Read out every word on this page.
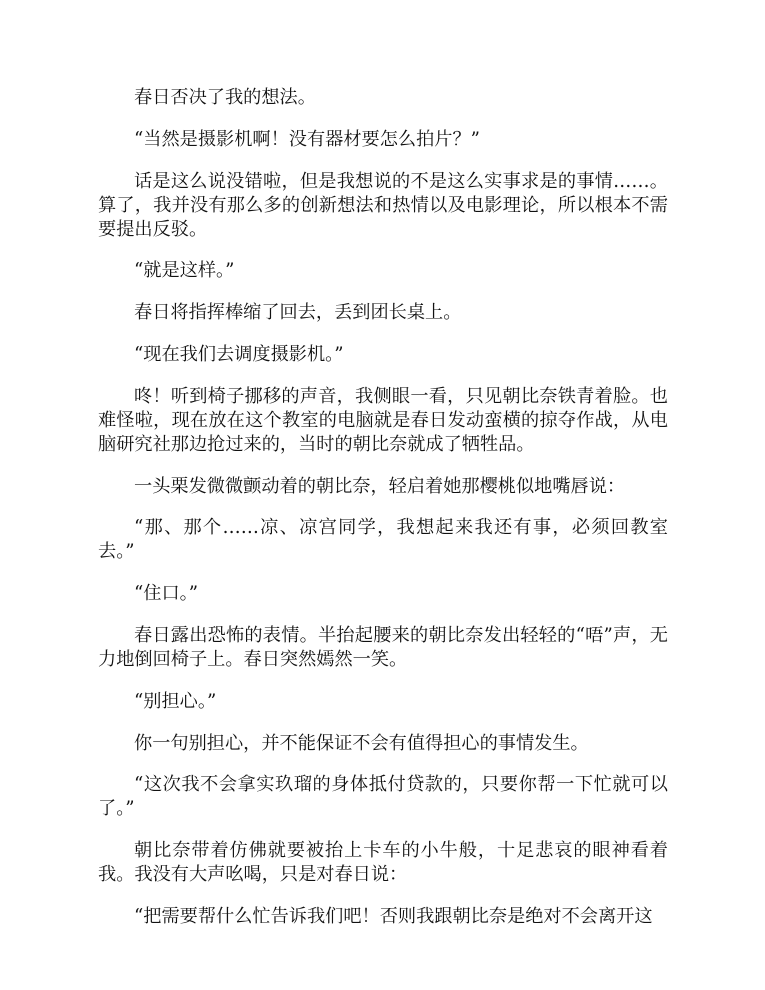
春日否决了我的想法。

“当然是摄影机啊！没有器材要怎么拍片？”

话是这么说没错啦，但是我想说的不是这么实事求是的事情……。算了，我并没有那么多的创新想法和热情以及电影理论，所以根本不需要提出反驳。

“就是这样。”

春日将指挥棒缩了回去，丢到团长桌上。

“现在我们去调度摄影机。”

咚！听到椅子挪移的声音，我侧眼一看，只见朝比奈铁青着脸。也难怪啦，现在放在这个教室的电脑就是春日发动蛮横的掠夺作战，从电脑研究社那边抢过来的，当时的朝比奈就成了牺牲品。

一头栗发微微颤动着的朝比奈，轻启着她那樱桃似地嘴唇说：

“那、那个……凉、凉宫同学，我想起来我还有事，必须回教室去。”

“住口。”

春日露出恐怖的表情。半抬起腰来的朝比奈发出轻轻的“唔”声，无力地倒回椅子上。春日突然嫣然一笑。

“别担心。”

你一句别担心，并不能保证不会有值得担心的事情发生。

“这次我不会拿实玖瑠的身体抵付贷款的，只要你帮一下忙就可以了。”

朝比奈带着仿佛就要被抬上卡车的小牛般，十足悲哀的眼神看着我。我没有大声吆喝，只是对春日说：

“把需要帮什么忙告诉我们吧！否则我跟朝比奈是绝对不会离开这
